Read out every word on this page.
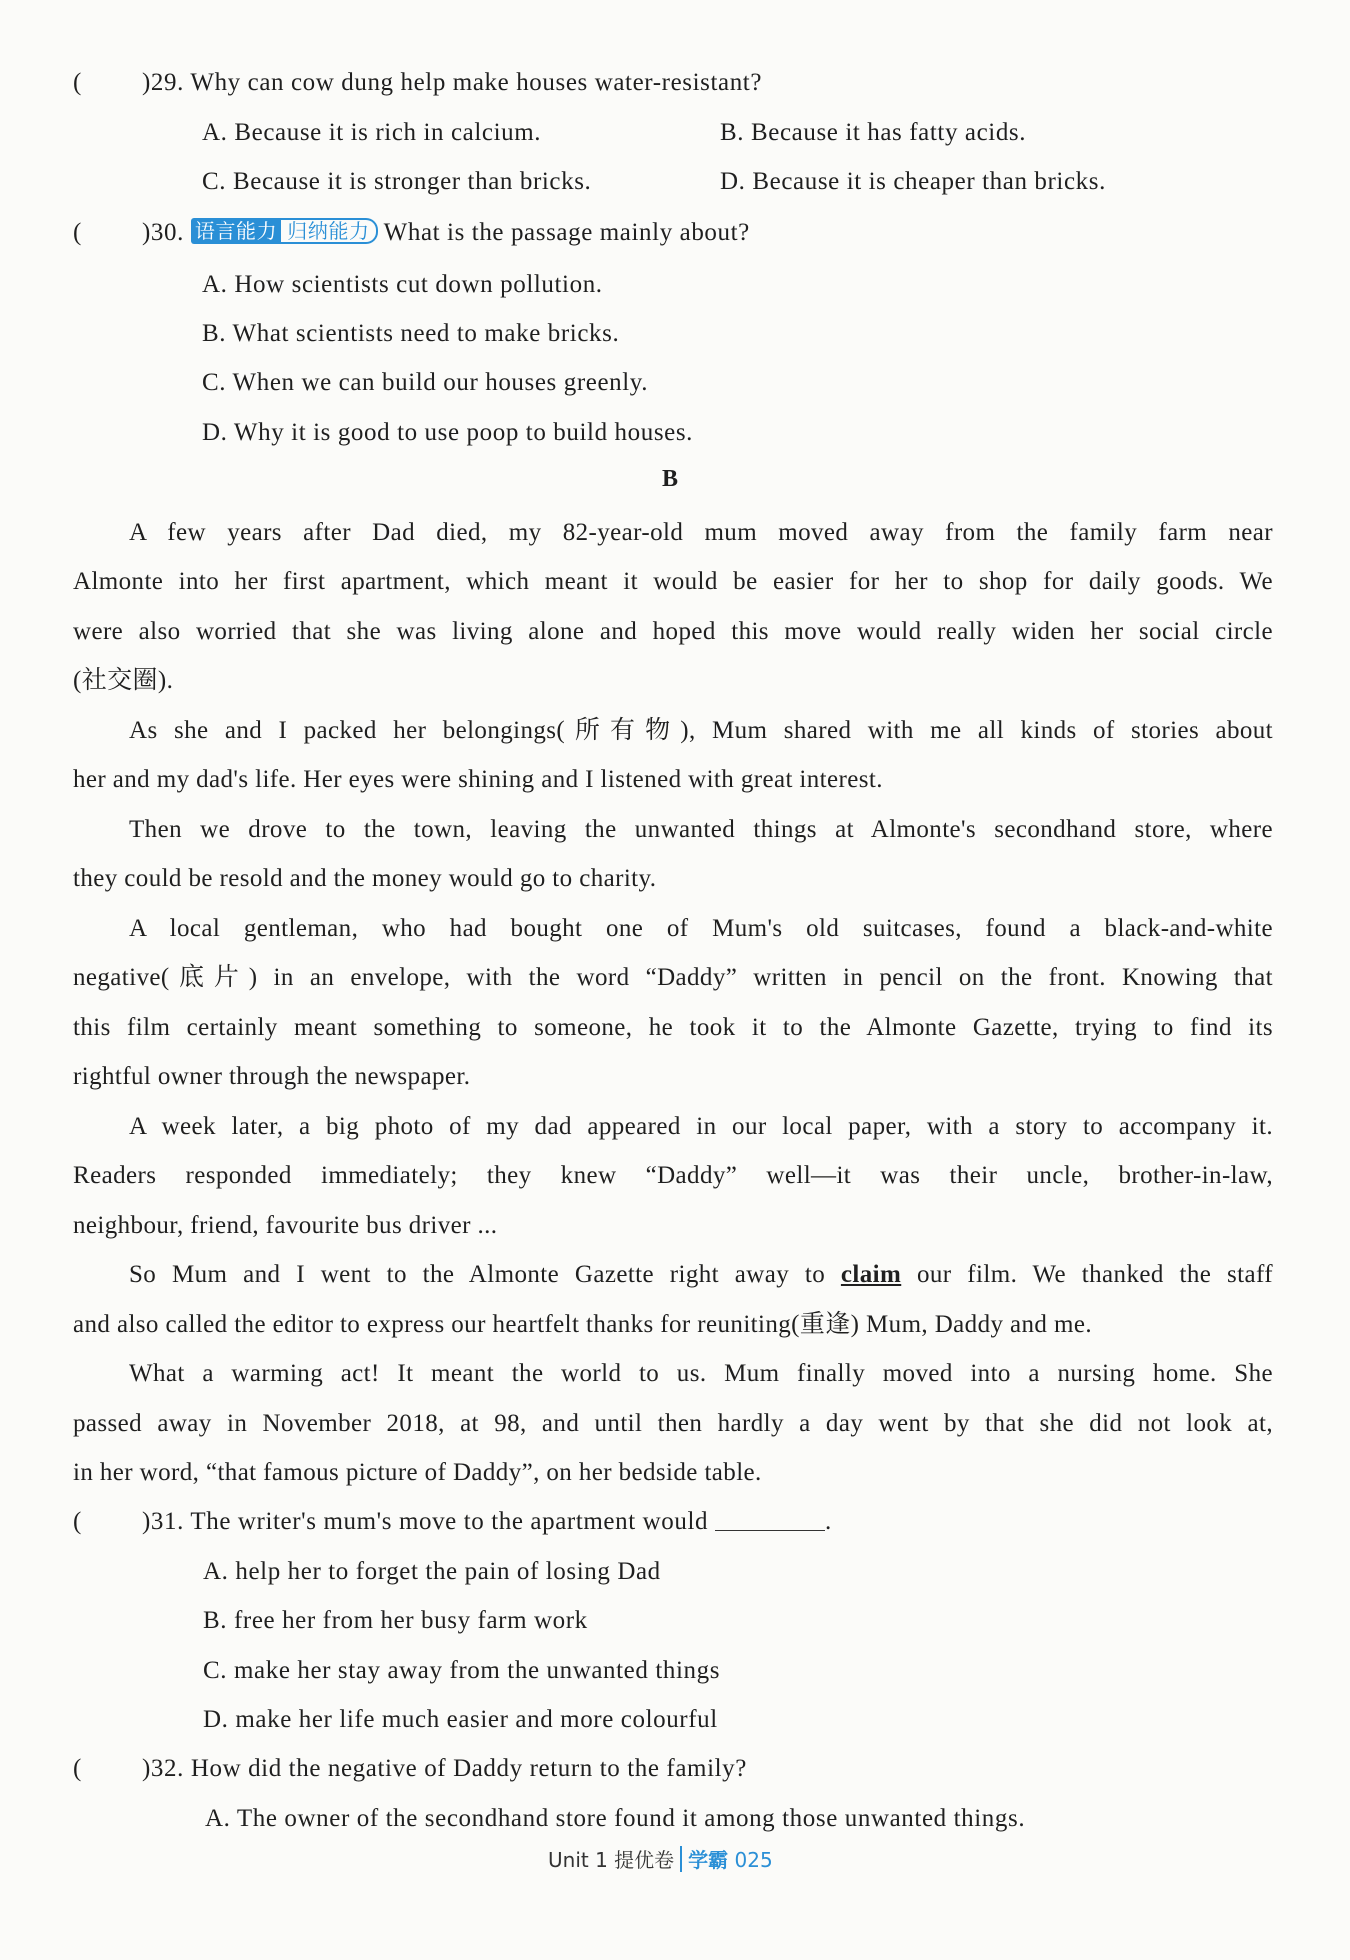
( )29. Why can cow dung help make houses water-resistant?
A. Because it is rich in calcium.	B. Because it has fatty acids.
C. Because it is stronger than bricks.	D. Because it is cheaper than bricks.
( )30. 语言能力 归纳能力 What is the passage mainly about?
A. How scientists cut down pollution.
B. What scientists need to make bricks.
C. When we can build our houses greenly.
D. Why it is good to use poop to build houses.
B
A few years after Dad died, my 82-year-old mum moved away from the family farm near
Almonte into her first apartment, which meant it would be easier for her to shop for daily goods. We
were also worried that she was living alone and hoped this move would really widen her social circle
(社交圈).
As she and I packed her belongings(所有物), Mum shared with me all kinds of stories about
her and my dad's life. Her eyes were shining and I listened with great interest.
Then we drove to the town, leaving the unwanted things at Almonte's secondhand store, where
they could be resold and the money would go to charity.
A local gentleman, who had bought one of Mum's old suitcases, found a black-and-white
negative(底片) in an envelope, with the word “Daddy” written in pencil on the front. Knowing that
this film certainly meant something to someone, he took it to the Almonte Gazette, trying to find its
rightful owner through the newspaper.
A week later, a big photo of my dad appeared in our local paper, with a story to accompany it.
Readers responded immediately; they knew “Daddy” well—it was their uncle, brother-in-law,
neighbour, friend, favourite bus driver ...
So Mum and I went to the Almonte Gazette right away to claim our film. We thanked the staff
and also called the editor to express our heartfelt thanks for reuniting(重逢) Mum, Daddy and me.
What a warming act! It meant the world to us. Mum finally moved into a nursing home. She
passed away in November 2018, at 98, and until then hardly a day went by that she did not look at,
in her word, “that famous picture of Daddy”, on her bedside table.
( )31. The writer's mum's move to the apartment would	.
A. help her to forget the pain of losing Dad
B. free her from her busy farm work
C. make her stay away from the unwanted things
D. make her life much easier and more colourful
( )32. How did the negative of Daddy return to the family?
A. The owner of the secondhand store found it among those unwanted things.
Unit 1 提优卷 学霸 025
